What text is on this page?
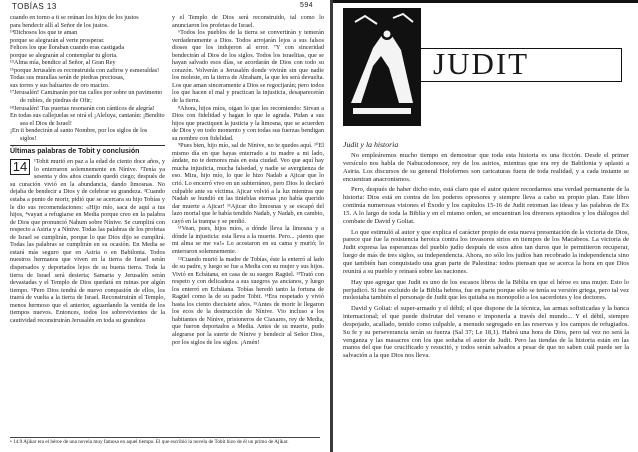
TOBÍAS 13	594

cuando en torno a ti se reúnan los hijos de los justos

para bendecir allí al Señor de los justos.

¹⁴Dichosos los que te aman

porque se alegrarán al verte prosperar.

Felices los que lloraban cuando eras castigada

porque se alegrarán al contemplar tu gloria.

¹⁵Alma mía, bendice al Señor, al Gran Rey

¹⁶porque Jerusalén es reconstruida con zafiros y esmeraldas!

Todas sus murallas serán de piedras preciosas,

sus torres y sus baluartes de oro macizo.

¹⁷Jerusalén! Caminarán por tus calles por sobre un pavimento de rubíes, de piedras de Ofir;

¹⁸Jerusalén! Tus puertas resonarán con cánticos de alegría!

En todas sus callejuelas se oirá el ¡Aleluya, cantarán: ¡Bendito sea el Dios de Israel!

¡En ti bendecirán al santo Nombre, por los siglos de los siglos!

Últimas palabras de Tobit y conclusión

14	¹Tobit murió en paz a la edad de ciento doce años, y lo enterraron solemnemente en Nínive. ²Tenía ya sesenta y dos años cuando quedó ciego; después de su curación vivió en la abundancia, dando limosnas. No dejaba de bendecir a Dios y de celebrar su grandeza. ³Cuando estaba a punto de morir, pidió que se acercara su hijo Tobías y le dio sus recomendaciones: «Hijo mío, saca de aquí a tus hijos, ⁴vayan a refugiarse en Media porque creo en la palabra de Dios que pronunció Nahum sobre Nínive. Se cumplirá con respecto a Asiria y a Nínive. Todas las palabras de los profetas de Israel se cumplirán, porque lo que Dios dijo se cumplirá. Todas las palabras se cumplirán en su ocasión. En Media se estará más seguro que en Asiria o en Babilonia. Todos nuestros hermanos que viven en la tierra de Israel serán dispersados y deportados lejos de su buena tierra. Toda la tierra de Israel será desierta; Samaria y Jerusalén serán devastadas y el Templo de Dios quedará en ruinas por algún tiempo. ⁵Pero Dios tendrá de nuevo compasión de ellos, los traerá de vuelta a la tierra de Israel. Reconstruirán el Templo, menos hermoso que el anterior, aguardando la venida de los tiempos nuevos. Entonces, todos los sobrevivientes de la cautividad reconstruirán Jerusalén en toda su grandeza

y el Templo de Dios será reconstruido, tal como lo anunciaron los profetas de Israel.

⁶Todos los pueblos de la tierra se convertirán y temerán verdaderamente a Dios. Todos arrojarán lejos a sus falsos dioses que los indujeron al error. ⁷Y con sinceridad bendecirán al Dios de los siglos. Todos los israelitas, que se hayan salvado esos días, se acordarán de Dios con todo su corazón. Volverán a Jerusalén donde vivirán sin que nadie los moleste, en la tierra de Abraham, la que les será devuelta. Los que aman sinceramente a Dios se regocijarán; pero todos los que hacen el mal y practican la injusticia, desaparecerán de la tierra.

⁸Ahora, hijos míos, oigan lo que les recomiendo: Sirvan a Dios con fidelidad y hagan lo que le agrada. Pidan a sus hijos que practiquen la justicia y la limosna, que se acuerden de Dios y en todo momento y con todas sus fuerzas bendigan su nombre con fidelidad.

⁹Pues bien, hijo mío, sal de Nínive, no te quedes aquí. ¹⁰El mismo día en que hayas enterrado a tu madre a mi lado, ándate, no te demores más en esta ciudad. Veo que aquí hay mucha injusticia, mucha falsedad, y nadie se avergüenza de eso. Mira, hijo mío, lo que le hizo Nadab a Ajicar que lo crió. Lo encerró vivo en un subterráneo, pero Dios lo declaró culpable ante su víctima. Ajicar volvió a la luz mientras que Nadab se hundió en las tinieblas eternas ¡no había querido dar muerte a Ajicar! ¹¹Ajicar dio limosnas y se escapó del lazo mortal que le había tendido Nadab, y Nadab, en cambio, cayó en la trampa y se perdió.

¹¹Vean, pues, hijos míos, a dónde lleva la limosna y a dónde la injusticia: esta lleva a la muerte. Pero... ¡siento que mi alma se me va!» Lo acostaron en su cama y murió; lo enterraron solemnemente.

¹²Cuando murió la madre de Tobías, éste la enterró al lado de su padre, y luego se fue a Media con su mujer y sus hijos. Vivió en Ecbátana, en casa de su suegro Ragüel. ¹³Trató con respeto y con delicadeza a sus suegros ya ancianos, y luego los enterró en Ecbátana. Tobías heredó tanto la fortuna de Ragüel como la de su padre Tobit. ¹⁴Era respetado y vivió hasta los ciento diecisiete años. ¹⁵Antes de morir le llegaron los ecos de la destrucción de Nínive. Vio incluso a los habitantes de Nínive, prisioneros de Ciaxares, rey de Media, que fueron deportados a Media. Antes de su muerte, pudo alegrarse por la suerte de Nínive y bendecir al Señor Dios, por los siglos de los siglos. ¡Amén!

• 14.9 Ajikar era el héroe de una novela muy famosa en aquel tiempo. El que escribió la novela de Tobit hizo de él un primo de Ajikar.
JUDIT
Judit y la historia

No empleáremos mucho tiempo en demostrar que toda esta historia es una ficción. Desde el primer versículo nos habla de Nabucodonosor, rey de los asirios, mientras que era rey de Babilonia y aplastó a Asiria. Los discursos de su general Holofernes son caricaturas fuera de toda realidad, y a cada instante se encuentran anacronismos.

Pero, después de haber dicho esto, está claro que el autor quiere recordarnos una verdad permanente de la historia: Dios está en contra de los poderes opresores y siempre lleva a cabo su propio plan. Este libro continúa numerosas visiones el Éxodo y los capítulos 15-16 de Judit retoman las ideas y las palabras de Ex 15. A lo largo de toda la Biblia y en el mismo orden, se encuentran los diversos episodios y los diálogos del combate de David y Goliat.

Lo que estimuló al autor y que explica el carácter propio de esta nueva presentación de la victoria de Dios, parece que fue la resistencia heroica contra los invasores sirios en tiempos de los Macabeos. La victoria de Judit expresa las esperanzas del pueblo judío después de esos años tan duros que le permitieron recuperar, luego de más de tres siglos, su independencia. Ahora, no sólo los judíos han recobrado la independencia sino que también han conquistado una gran parte de Palestina: todos piensan que se acerca la hora en que Dios reunirá a su pueblo y reinará sobre las naciones.

Hay que agregar que Judit es uno de los escasos libros de la Biblia en que el héroe es una mujer. Esto lo perjudicó. Si fue excluido de la Biblia hebrea, fue en parte porque sólo se tenía su versión griega, pero tal vez molestaba también el personaje de Judit que les quitaba su monopolio a los sacerdotes y los doctores.

David y Goliat: el super-armado y el débil; el que dispone de la técnica, las armas sofisticadas y la banca internacional; el que puede disfrutar del verano e imponerla a través del mundo... Y el débil, siempre despojado, acallado, tenido como culpable, a menudo segregado en las reservas y los campos de refugiados. Su fe y su perseverancia serán su fuerza (Sal 37; Le 18,1). Habrá una hora de Dios, pero tal vez no será la venganza y las masacres con los que soñaba el autor de Judit. Pero las tiendas de la historia están en las manos del que fue crucificado y resucitó, y todos serán salvados a pesar de que no saben cuál puede ser la salvación a la que Dios nos lleva.
